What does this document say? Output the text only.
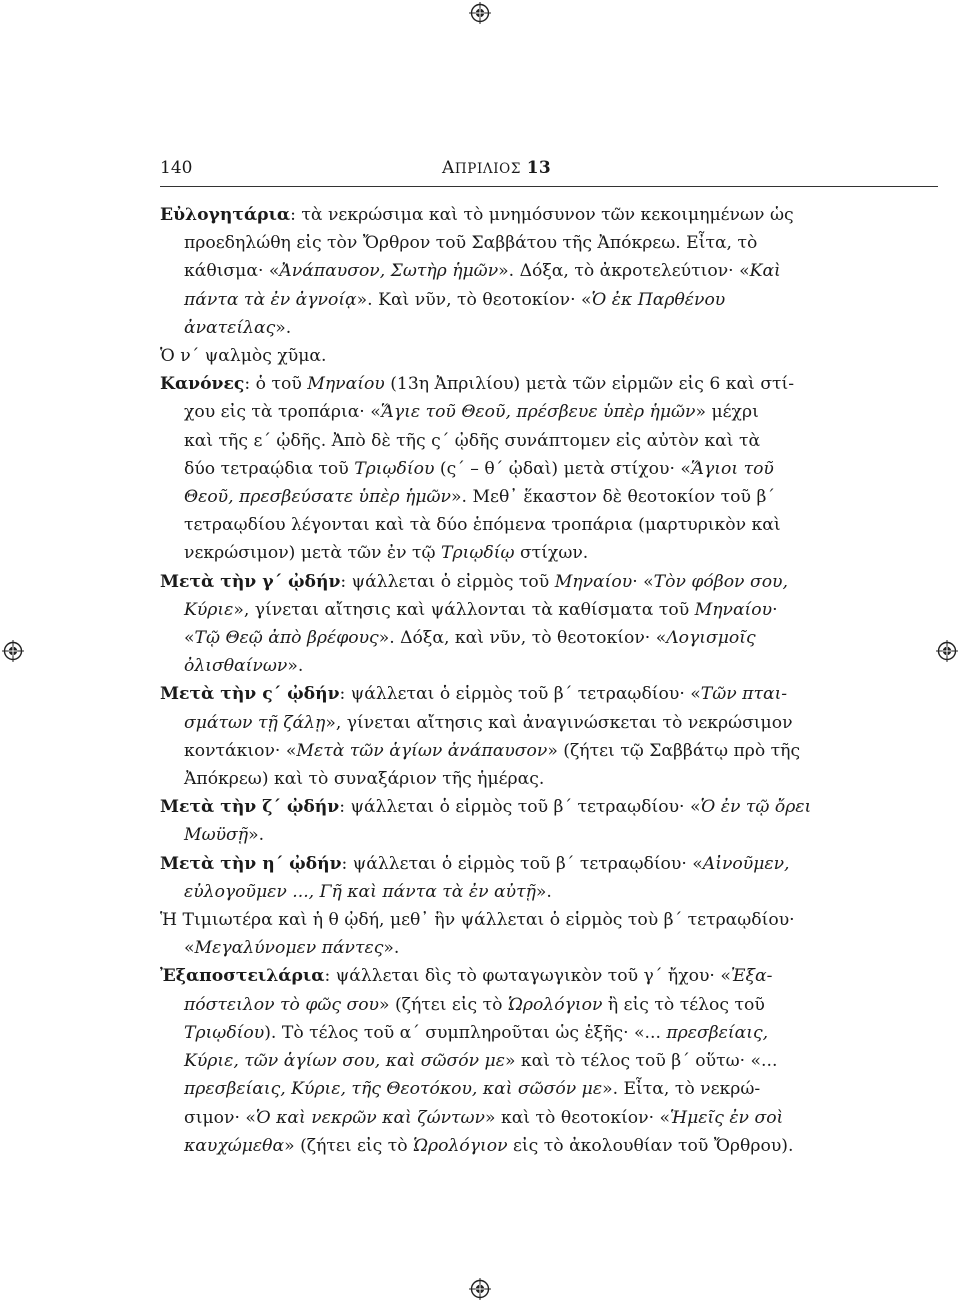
140	ΑΠΡΙΛΙΟΣ 13
Εὐλογητάρια: τὰ νεκρώσιμα καὶ τὸ μνημόσυνον τῶν κεκοιμημένων ὡς
προεδηλώθη εἰς τὸν Ὄρθρον τοῦ Σαββάτου τῆς Ἀπόκρεω. Εἶτα, τὸ
κάθισμα· «Ἀνάπαυσον, Σωτὴρ ἡμῶν». Δόξα, τὸ ἀκροτελεύτιον· «Καὶ
πάντα τὰ ἐν ἀγνοίᾳ». Καὶ νῦν, τὸ θεοτοκίον· «Ὁ ἐκ Παρθένου
ἀνατείλας».
Ὁ ν΄ ψαλμὸς χῦμα.
Κανόνες: ὁ τοῦ Μηναίου (13η Ἀπριλίου) μετὰ τῶν εἰρμῶν εἰς 6 καὶ στί-
χου εἰς τὰ τροπάρια· «Ἅγιε τοῦ Θεοῦ, πρέσβευε ὑπὲρ ἡμῶν» μέχρι
καὶ τῆς ε΄ ᾠδῆς. Ἀπὸ δὲ τῆς ς΄ ᾠδῆς συνάπτομεν εἰς αὐτὸν καὶ τὰ
δύο τετραῴδια τοῦ Τριῳδίου (ς΄ – θ΄ ᾠδαὶ) μετὰ στίχου· «Ἅγιοι τοῦ
Θεοῦ, πρεσβεύσατε ὑπὲρ ἡμῶν». Μεθ᾽ ἕκαστον δὲ θεοτοκίον τοῦ β΄
τετραῳδίου λέγονται καὶ τὰ δύο ἑπόμενα τροπάρια (μαρτυρικὸν καὶ
νεκρώσιμον) μετὰ τῶν ἐν τῷ Τριῳδίῳ στίχων.
Μετὰ τὴν γ΄ ᾠδήν: ψάλλεται ὁ εἰρμὸς τοῦ Μηναίου· «Τὸν φόβον σου,
Κύριε», γίνεται αἴτησις καὶ ψάλλονται τὰ καθίσματα τοῦ Μηναίου·
«Τῷ Θεῷ ἀπὸ βρέφους». Δόξα, καὶ νῦν, τὸ θεοτοκίον· «Λογισμοῖς
ὀλισθαίνων».
Μετὰ τὴν ς΄ ᾠδήν: ψάλλεται ὁ εἱρμὸς τοῦ β΄ τετραῳδίου· «Τῶν πται-
σμάτων τῇ ζάλῃ», γίνεται αἴτησις καὶ ἀναγινώσκεται τὸ νεκρώσιμον
κοντάκιον· «Μετὰ τῶν ἁγίων ἀνάπαυσον» (ζήτει τῷ Σαββάτῳ πρὸ τῆς
Ἀπόκρεω) καὶ τὸ συναξάριον τῆς ἡμέρας.
Μετὰ τὴν ζ΄ ᾠδήν: ψάλλεται ὁ εἱρμὸς τοῦ β΄ τετραῳδίου· «Ὁ ἐν τῷ ὄρει
Μωϋσῇ».
Μετὰ τὴν η΄ ᾠδήν: ψάλλεται ὁ εἱρμὸς τοῦ β΄ τετραῳδίου· «Αἰνοῦμεν,
εὐλογοῦμεν ..., Γῆ καὶ πάντα τὰ ἐν αὐτῇ».
Ἡ Τιμιωτέρα καὶ ἡ θ ᾠδή, μεθ᾽ ἣν ψάλλεται ὁ εἱρμὸς τοὺ β΄ τετραῳδίου·
«Μεγαλύνομεν πάντες».
Ἐξαποστειλάρια: ψάλλεται δὶς τὸ φωταγωγικὸν τοῦ γ΄ ἤχου· «Ἐξα-
πόστειλον τὸ φῶς σου» (ζήτει εἰς τὸ Ὡρολόγιον ἢ εἰς τὸ τέλος τοῦ
Τριῳδίου). Τὸ τέλος τοῦ α΄ συμπληροῦται ὡς ἑξῆς· «... πρεσβείαις,
Κύριε, τῶν ἁγίων σου, καὶ σῶσόν με» καὶ τὸ τέλος τοῦ β΄ οὕτω· «...
πρεσβείαις, Κύριε, τῆς Θεοτόκου, καὶ σῶσόν με». Εἶτα, τὸ νεκρώ-
σιμον· «Ὁ καὶ νεκρῶν καὶ ζώντων» καὶ τὸ θεοτοκίον· «Ἡμεῖς ἐν σοὶ
καυχώμεθα» (ζήτει εἰς τὸ Ὡρολόγιον εἰς τὸ ἀκολουθίαν τοῦ Ὄρθρου).
